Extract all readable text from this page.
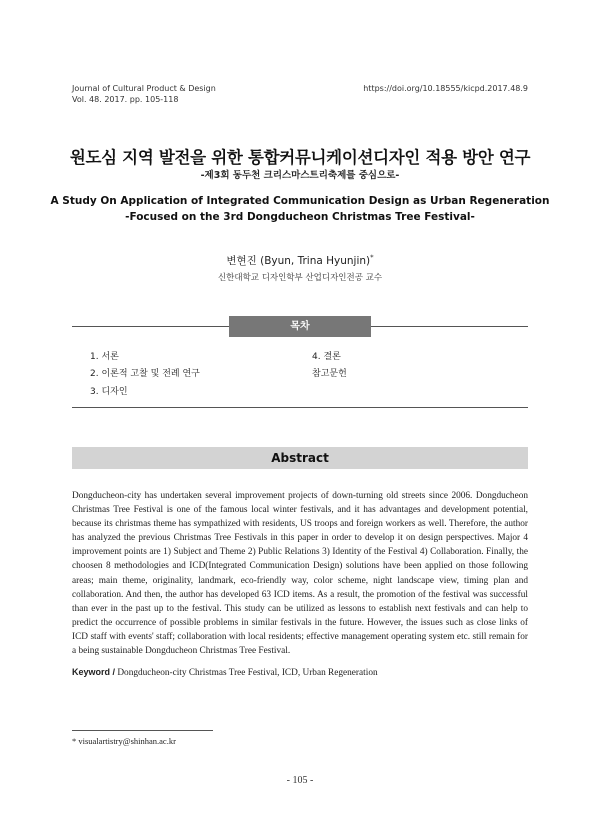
Journal of Cultural Product & Design
Vol. 48. 2017. pp. 105-118
https://doi.org/10.18555/kicpd.2017.48.9
원도심 지역 발전을 위한 통합커뮤니케이션디자인 적용 방안 연구
-제3회 동두천 크리스마스트리축제를 중심으로-
A Study On Application of Integrated Communication Design as Urban Regeneration
-Focused on the 3rd Dongducheon Christmas Tree Festival-
변현진 (Byun, Trina Hyunjin)*
신한대학교 디자인학부 산업디자인전공 교수
목차
1. 서론
2. 이론적 고찰 및 전례 연구
3. 디자인
4. 결론
참고문헌
Abstract
Dongducheon-city has undertaken several improvement projects of down-turning old streets since 2006. Dongducheon Christmas Tree Festival is one of the famous local winter festivals, and it has advantages and development potential, because its christmas theme has sympathized with residents, US troops and foreign workers as well. Therefore, the author has analyzed the previous Christmas Tree Festivals in this paper in order to develop it on design perspectives. Major 4 improvement points are 1) Subject and Theme 2) Public Relations 3) Identity of the Festival 4) Collaboration. Finally, the choosen 8 methodologies and ICD(Integrated Communication Design) solutions have been applied on those following areas; main theme, originality, landmark, eco-friendly way, color scheme, night landscape view, timing plan and collaboration. And then, the author has developed 63 ICD items. As a result, the promotion of the festival was successful than ever in the past up to the festival. This study can be utilized as lessons to establish next festivals and can help to predict the occurrence of possible problems in similar festivals in the future. However, the issues such as close links of ICD staff with events' staff; collaboration with local residents; effective management operating system etc. still remain for a being sustainable Dongducheon Christmas Tree Festival.
Keyword / Dongducheon-city Christmas Tree Festival, ICD, Urban Regeneration
* visualartistry@shinhan.ac.kr
- 105 -
